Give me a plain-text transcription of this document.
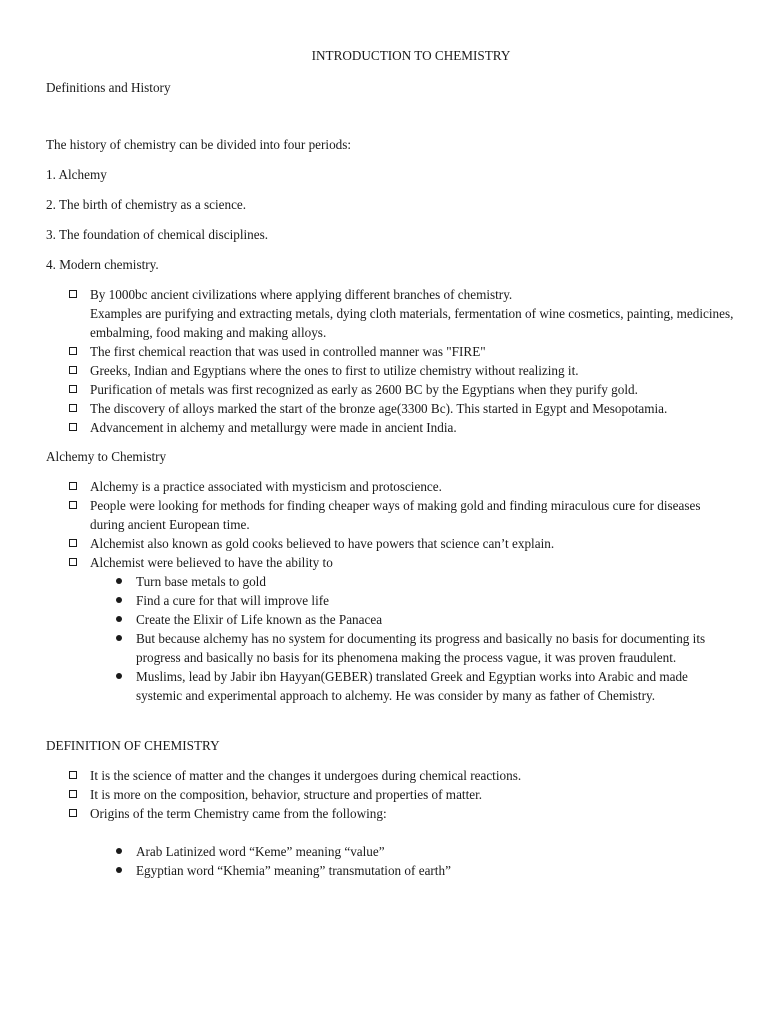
INTRODUCTION TO CHEMISTRY
Definitions and History
The history of chemistry can be divided into four periods:
1. Alchemy
2. The birth of chemistry as a science.
3. The foundation of chemical disciplines.
4. Modern chemistry.
By 1000bc ancient civilizations where applying different branches of chemistry.
Examples are purifying and extracting metals, dying cloth materials, fermentation of wine cosmetics, painting, medicines, embalming, food making and making alloys.
The first chemical reaction that was used in controlled manner was "FIRE"
Greeks, Indian and Egyptians where the ones to first to utilize chemistry without realizing it.
Purification of metals was first recognized as early as 2600 BC by the Egyptians when they purify gold.
The discovery of alloys marked the start of the bronze age(3300 Bc). This started in Egypt and Mesopotamia.
Advancement in alchemy and metallurgy were made in ancient India.
Alchemy to Chemistry
Alchemy is a practice associated with mysticism and protoscience.
People were looking for methods for finding cheaper ways of making gold and finding miraculous cure for diseases during ancient European time.
Alchemist also known as gold cooks believed to have powers that science can’t explain.
Alchemist were believed to have the ability to
Turn base metals to gold
Find a cure for that will improve life
Create the Elixir of Life known as the Panacea
But because alchemy has no system for documenting its progress and basically no basis for documenting its progress and basically no basis for its phenomena making the process vague, it was proven fraudulent.
Muslims, lead by Jabir ibn Hayyan(GEBER) translated Greek and Egyptian works into Arabic and made systemic and experimental approach to alchemy. He was consider by many as father of Chemistry.
DEFINITION OF CHEMISTRY
It is the science of matter and the changes it undergoes during chemical reactions.
It is more on the composition, behavior, structure and properties of matter.
Origins of the term Chemistry came from the following:
Arab Latinized word “Keme” meaning “value”
Egyptian word “Khemia” meaning” transmutation of earth”
